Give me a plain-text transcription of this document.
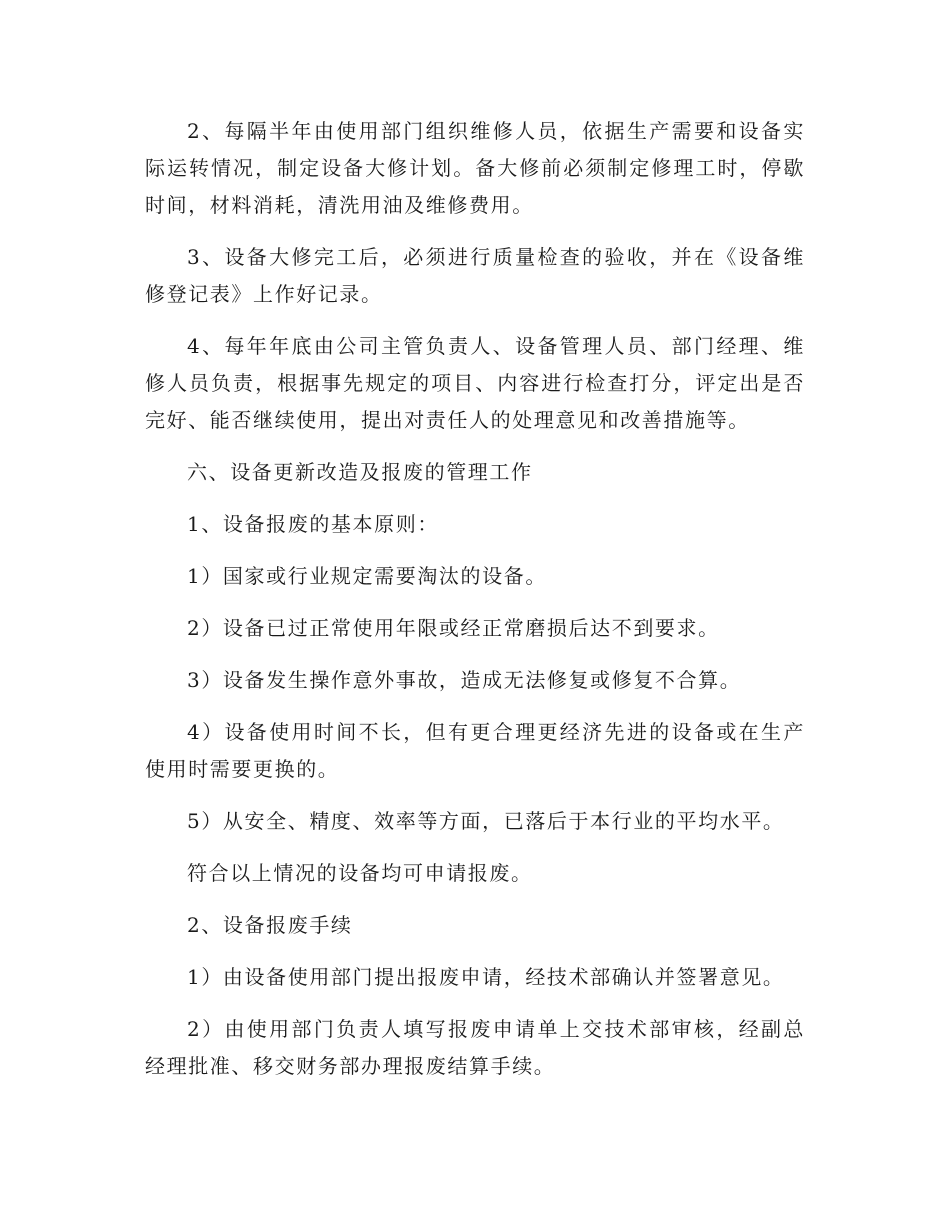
2、每隔半年由使用部门组织维修人员，依据生产需要和设备实际运转情况，制定设备大修计划。备大修前必须制定修理工时，停歇时间，材料消耗，清洗用油及维修费用。

3、设备大修完工后，必须进行质量检查的验收，并在《设备维修登记表》上作好记录。

4、每年年底由公司主管负责人、设备管理人员、部门经理、维修人员负责，根据事先规定的项目、内容进行检查打分，评定出是否完好、能否继续使用，提出对责任人的处理意见和改善措施等。

六、设备更新改造及报废的管理工作

1、设备报废的基本原则：

1）国家或行业规定需要淘汰的设备。

2）设备已过正常使用年限或经正常磨损后达不到要求。

3）设备发生操作意外事故，造成无法修复或修复不合算。

4）设备使用时间不长，但有更合理更经济先进的设备或在生产使用时需要更换的。

5）从安全、精度、效率等方面，已落后于本行业的平均水平。

符合以上情况的设备均可申请报废。

2、设备报废手续

1）由设备使用部门提出报废申请，经技术部确认并签署意见。

2）由使用部门负责人填写报废申请单上交技术部审核，经副总经理批准、移交财务部办理报废结算手续。
